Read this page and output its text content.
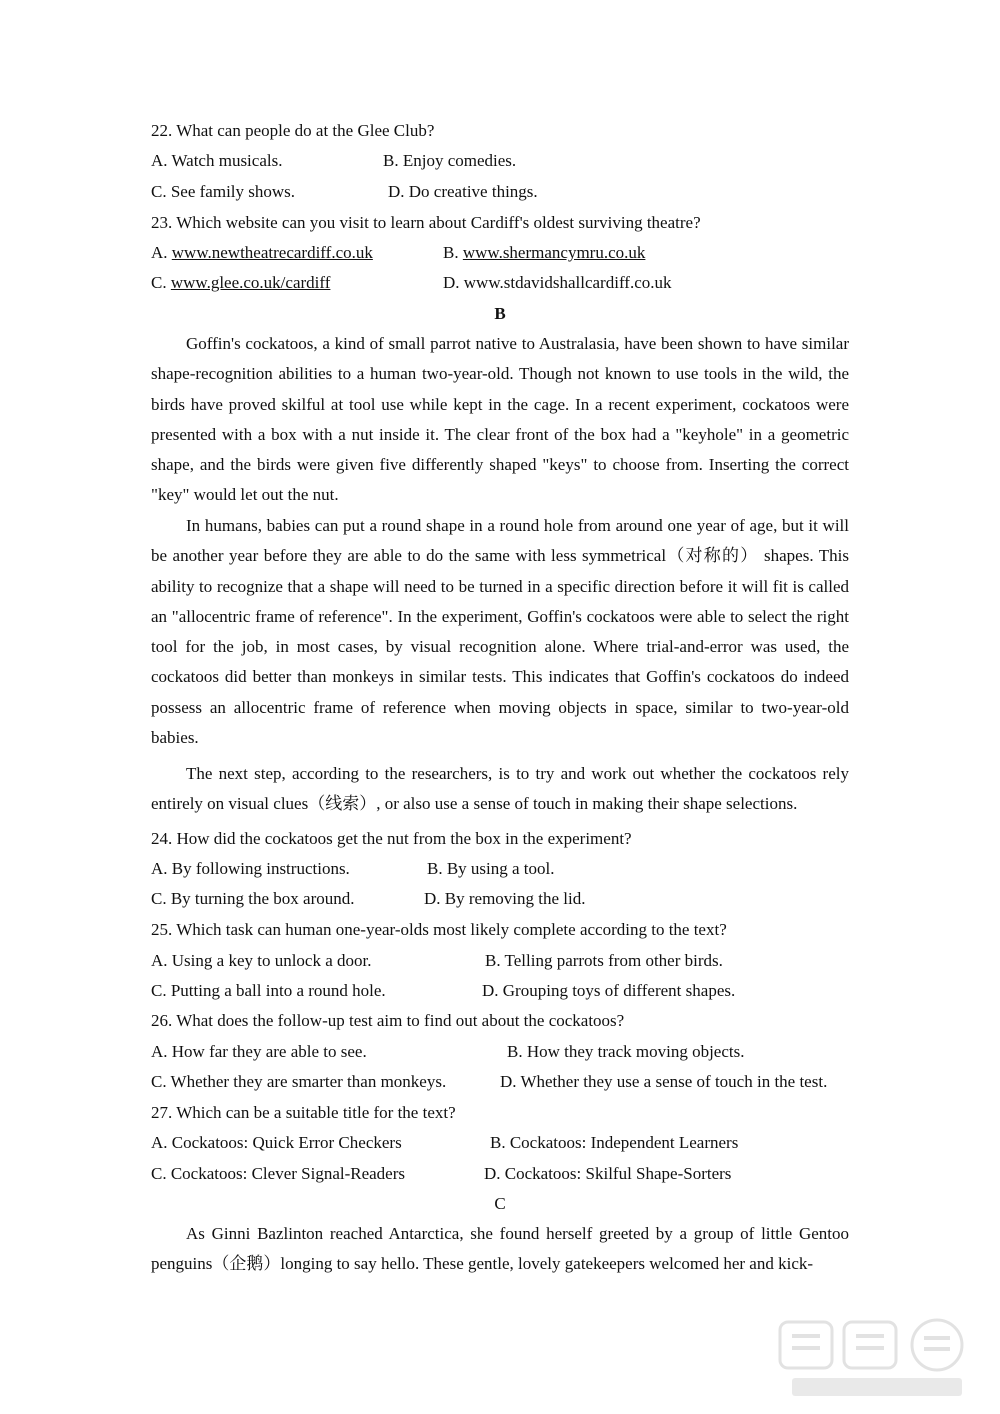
22. What can people do at the Glee Club?
A. Watch musicals.	B. Enjoy comedies.
C. See family shows.	D. Do creative things.
23. Which website can you visit to learn about Cardiff's oldest surviving theatre?
A. www.newtheatrecardiff.co.uk	B. www.shermancymru.co.uk
C. www.glee.co.uk/cardiff	D. www.stdavidshallcardiff.co.uk
B
Goffin's cockatoos, a kind of small parrot native to Australasia, have been shown to have similar shape-recognition abilities to a human two-year-old. Though not known to use tools in the wild, the birds have proved skilful at tool use while kept in the cage. In a recent experiment, cockatoos were presented with a box with a nut inside it. The clear front of the box had a "keyhole" in a geometric shape, and the birds were given five differently shaped "keys" to choose from. Inserting the correct "key" would let out the nut.
In humans, babies can put a round shape in a round hole from around one year of age, but it will be another year before they are able to do the same with less symmetrical（对称的） shapes. This ability to recognize that a shape will need to be turned in a specific direction before it will fit is called an "allocentric frame of reference". In the experiment, Goffin's cockatoos were able to select the right tool for the job, in most cases, by visual recognition alone. Where trial-and-error was used, the cockatoos did better than monkeys in similar tests. This indicates that Goffin's cockatoos do indeed possess an allocentric frame of reference when moving objects in space, similar to two-year-old babies.
The next step, according to the researchers, is to try and work out whether the cockatoos rely entirely on visual clues（线索）, or also use a sense of touch in making their shape selections.
24. How did the cockatoos get the nut from the box in the experiment?
A. By following instructions.	B. By using a tool.
C. By turning the box around.	D. By removing the lid.
25. Which task can human one-year-olds most likely complete according to the text?
A. Using a key to unlock a door.	B. Telling parrots from other birds.
C. Putting a ball into a round hole.	D. Grouping toys of different shapes.
26. What does the follow-up test aim to find out about the cockatoos?
A. How far they are able to see.	B. How they track moving objects.
C. Whether they are smarter than monkeys.	D. Whether they use a sense of touch in the test.
27. Which can be a suitable title for the text?
A. Cockatoos: Quick Error Checkers	B. Cockatoos: Independent Learners
C. Cockatoos: Clever Signal-Readers	D. Cockatoos: Skilful Shape-Sorters
C
As Ginni Bazlinton reached Antarctica, she found herself greeted by a group of little Gentoo penguins（企鹅）longing to say hello. These gentle, lovely gatekeepers welcomed her and kick-
